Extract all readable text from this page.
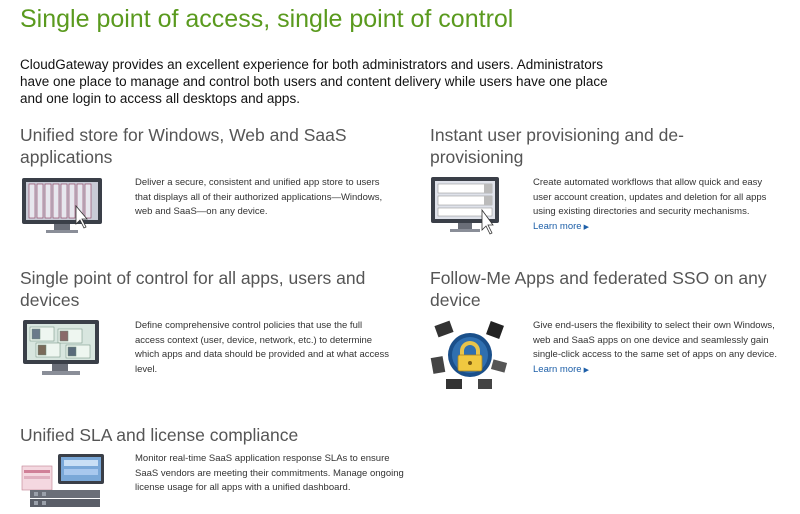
Single point of access, single point of control
CloudGateway provides an excellent experience for both administrators and users. Administrators have one place to manage and control both users and content delivery while users have one place and one login to access all desktops and apps.
Unified store for Windows, Web and SaaS applications
Deliver a secure, consistent and unified app store to users that displays all of their authorized applications—Windows, web and SaaS—on any device.
Instant user provisioning and de-provisioning
Create automated workflows that allow quick and easy user account creation, updates and deletion for all apps using existing directories and security mechanisms.
Learn more ▶
Single point of control for all apps, users and devices
Define comprehensive control policies that use the full access context (user, device, network, etc.) to determine which apps and data should be provided and at what access level.
Follow-Me Apps and federated SSO on any device
Give end-users the flexibility to select their own Windows, web and SaaS apps on one device and seamlessly gain single-click access to the same set of apps on any device.
Learn more ▶
Unified SLA and license compliance
Monitor real-time SaaS application response SLAs to ensure SaaS vendors are meeting their commitments. Manage ongoing license usage for all apps with a unified dashboard.
